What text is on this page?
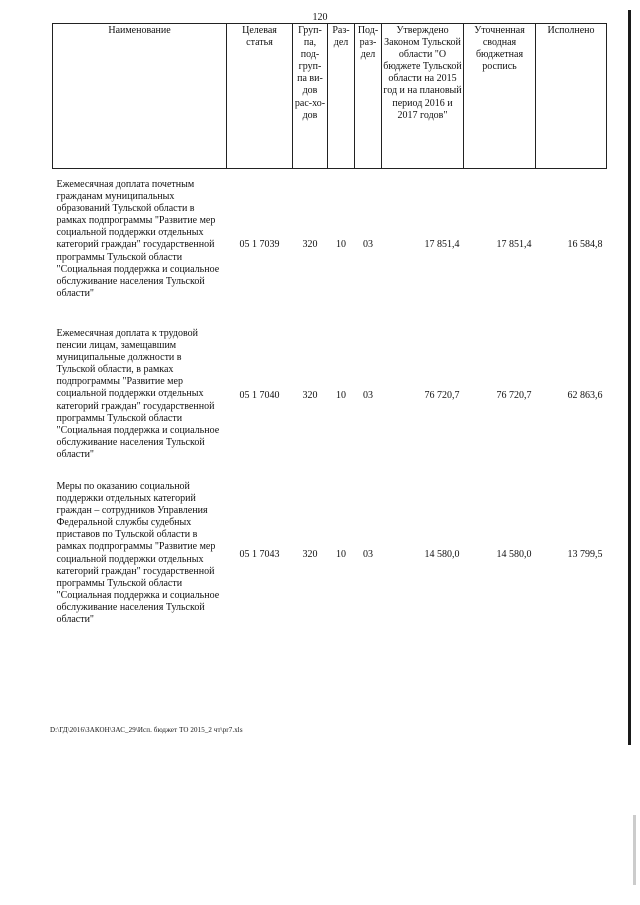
120
Наименование	Целевая статья	Груп-па, под-груп-па ви-дов рас-хо-дов	Раз-дел	Под-раз-дел	Утверждено Законом Тульской области "О бюджете Тульской области на 2015 год и на плановый период 2016 и 2017 годов"	Уточненная сводная бюджетная роспись	Исполнено
Ежемесячная доплата почетным гражданам муниципальных образований Тульской области в рамках подпрограммы "Развитие мер социальной поддержки отдельных категорий граждан" государственной программы Тульской области "Социальная поддержка и социальное обслуживание населения Тульской области"	05 1 7039	320	10	03	17 851,4	17 851,4	16 584,8
Ежемесячная доплата к трудовой пенсии лицам, замещавшим муниципальные должности в Тульской области, в рамках подпрограммы "Развитие мер социальной поддержки отдельных категорий граждан" государственной программы Тульской области "Социальная поддержка и социальное обслуживание населения Тульской области"	05 1 7040	320	10	03	76 720,7	76 720,7	62 863,6
Меры по оказанию социальной поддержки отдельных категорий граждан – сотрудников Управления Федеральной службы судебных приставов по Тульской области в рамках подпрограммы "Развитие мер социальной поддержки отдельных категорий граждан" государственной программы Тульской области "Социальная поддержка и социальное обслуживание населения Тульской области"	05 1 7043	320	10	03	14 580,0	14 580,0	13 799,5
D:\ГД\2016\ЗАКОН\ЗАС_29\Исп. бюджет ТО 2015_2 чт\pr7.xls
